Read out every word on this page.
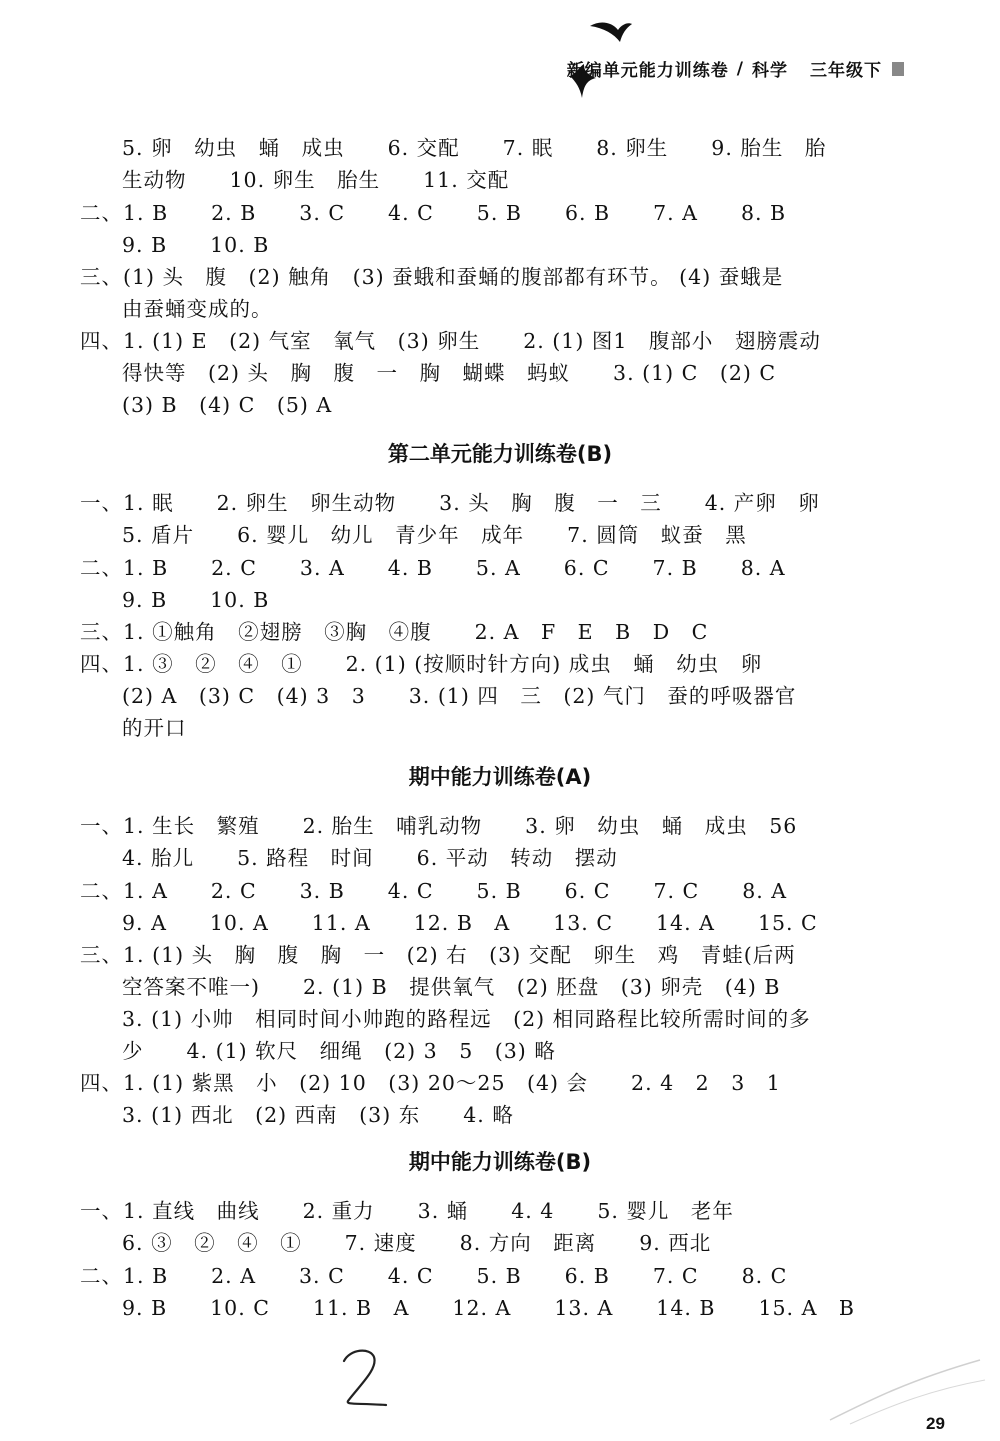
新编单元能力训练卷 / 科学 三年级下
5. 卵　幼虫　蛹　成虫　　6. 交配　　7. 眠　　8. 卵生　　9. 胎生　胎
生动物　　10. 卵生　胎生　　11. 交配
二、1. B　　2. B　　3. C　　4. C　　5. B　　6. B　　7. A　　8. B
9. B　　10. B
三、(1) 头　腹　(2) 触角　(3) 蚕蛾和蚕蛹的腹部都有环节。 (4) 蚕蛾是
由蚕蛹变成的。
四、1. (1) E　(2) 气室　氧气　(3) 卵生　　2. (1) 图1　腹部小　翅膀震动
得快等　(2) 头　胸　腹　一　胸　蝴蝶　蚂蚁　　3. (1) C　(2) C
(3) B　(4) C　(5) A
第二单元能力训练卷(B)
一、1. 眠　　2. 卵生　卵生动物　　3. 头　胸　腹　一　三　　4. 产卵　卵
5. 盾片　　6. 婴儿　幼儿　青少年　成年　　7. 圆筒　蚁蚕　黑
二、1. B　　2. C　　3. A　　4. B　　5. A　　6. C　　7. B　　8. A
9. B　　10. B
三、1. ①触角　②翅膀　③胸　④腹　　2. A　F　E　B　D　C
四、1. ③　②　④　①　　2. (1) (按顺时针方向) 成虫　蛹　幼虫　卵
(2) A　(3) C　(4) 3　3　　3. (1) 四　三　(2) 气门　蚕的呼吸器官
的开口
期中能力训练卷(A)
一、1. 生长　繁殖　　2. 胎生　哺乳动物　　3. 卵　幼虫　蛹　成虫　56
4. 胎儿　　5. 路程　时间　　6. 平动　转动　摆动
二、1. A　　2. C　　3. B　　4. C　　5. B　　6. C　　7. C　　8. A
9. A　　10. A　　11. A　　12. B　A　　13. C　　14. A　　15. C
三、1. (1) 头　胸　腹　胸　一　(2) 右　(3) 交配　卵生　鸡　青蛙(后两
空答案不唯一)　　2. (1) B　提供氧气　(2) 胚盘　(3) 卵壳　(4) B
3. (1) 小帅　相同时间小帅跑的路程远　(2) 相同路程比较所需时间的多
少　　4. (1) 软尺　细绳　(2) 3　5　(3) 略
四、1. (1) 紫黑　小　(2) 10　(3) 20～25　(4) 会　　2. 4　2　3　1
3. (1) 西北　(2) 西南　(3) 东　　4. 略
期中能力训练卷(B)
一、1. 直线　曲线　　2. 重力　　3. 蛹　　4. 4　　5. 婴儿　老年
6. ③　②　④　①　　7. 速度　　8. 方向　距离　　9. 西北
二、1. B　　2. A　　3. C　　4. C　　5. B　　6. B　　7. C　　8. C
9. B　　10. C　　11. B　A　　12. A　　13. A　　14. B　　15. A　B
29
